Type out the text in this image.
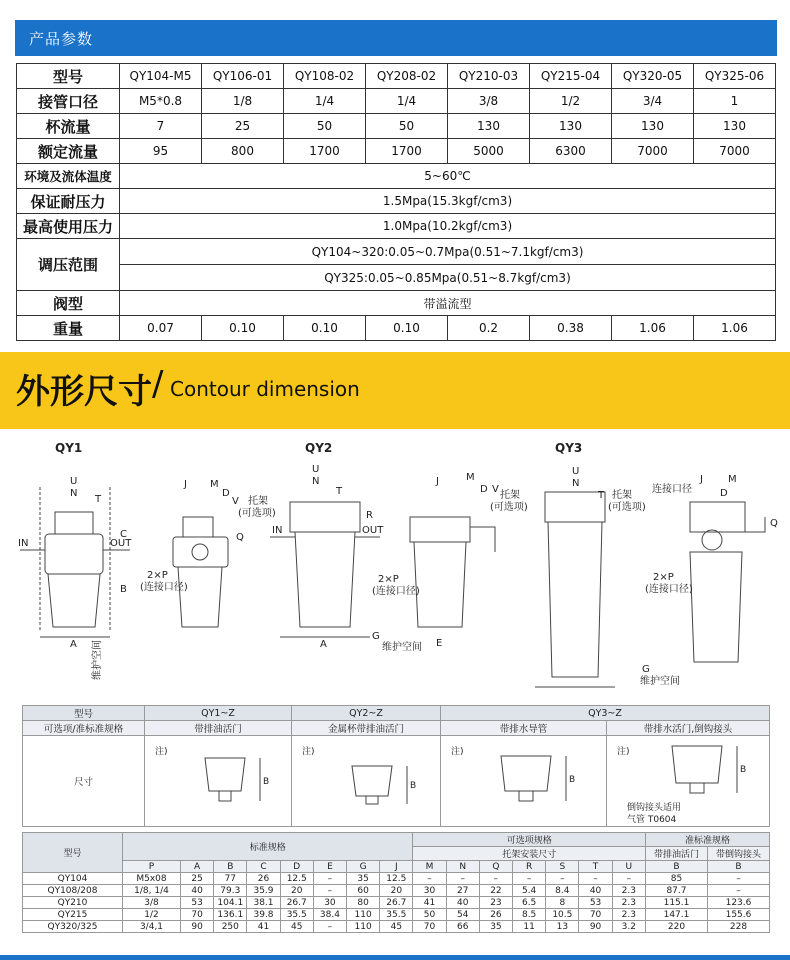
产品参数
型号	QY104-M5	QY106-01	QY108-02	QY208-02	QY210-03	QY215-04	QY320-05	QY325-06
接管口径	M5*0.8	1/8	1/4	1/4	3/8	1/2	3/4	1
杯流量	7	25	50	50	130	130	130	130
额定流量	95	800	1700	1700	5000	6300	7000	7000
环境及流体温度	5~60℃							
保证耐压力	1.5Mpa(15.3kgf/cm3)							
最高使用压力	1.0Mpa(10.2kgf/cm3)							
调压范围	QY104~320:0.05~0.7Mpa(0.51~7.1kgf/cm3)							
	QY325:0.05~0.85Mpa(0.51~8.7kgf/cm3)							
阀型	带溢流型							
重量	0.07	0.10	0.10	0.10	0.2	0.38	1.06	1.06
外形尺寸 / Contour dimension
QY1	QY2	QY3
IN	OUT
IN	OUT
2×P
(连接口径)
2×P
(连接口径)
2×P
(连接口径)
托架
(可选项)
托架
(可选项)
托架
(可选项)
连接口径
维护空间
维护空间
维护空间
U
N
T
A
B
C
J M
D
V
Q
U
N
T
R
A
G
E
J	M
D V
U
N
T
J	M
D
Q
G
型号	QY1~Z	QY2~Z	QY3~Z	
可选项/准标准规格	带排油活门	金属杯带排油活门	带排水导管	带排水活门,倒钩接头
尺寸	注)
B	注)
B	注)
B	注)
B
倒钩接头适用
气管 T0604
型号	标准规格								可选项规格							准标准规格	
									托架安装尺寸							带排油活门	带倒钩接头
	P	A	B	C	D	E	G	J	M	N	Q	R	S	T	U	B	B
QY104	M5x08	25	77	26	12.5	–	35	12.5	–	–	–	–	–	–	–	85	–
QY108/208	1/8, 1/4	40	79.3	35.9	20	–	60	20	30	27	22	5.4	8.4	40	2.3	87.7	–
QY210	3/8	53	104.1	38.1	26.7	30	80	26.7	41	40	23	6.5	8	53	2.3	115.1	123.6
QY215	1/2	70	136.1	39.8	35.5	38.4	110	35.5	50	54	26	8.5	10.5	70	2.3	147.1	155.6
QY320/325	3/4,1	90	250	41	45	–	110	45	70	66	35	11	13	90	3.2	220	228
